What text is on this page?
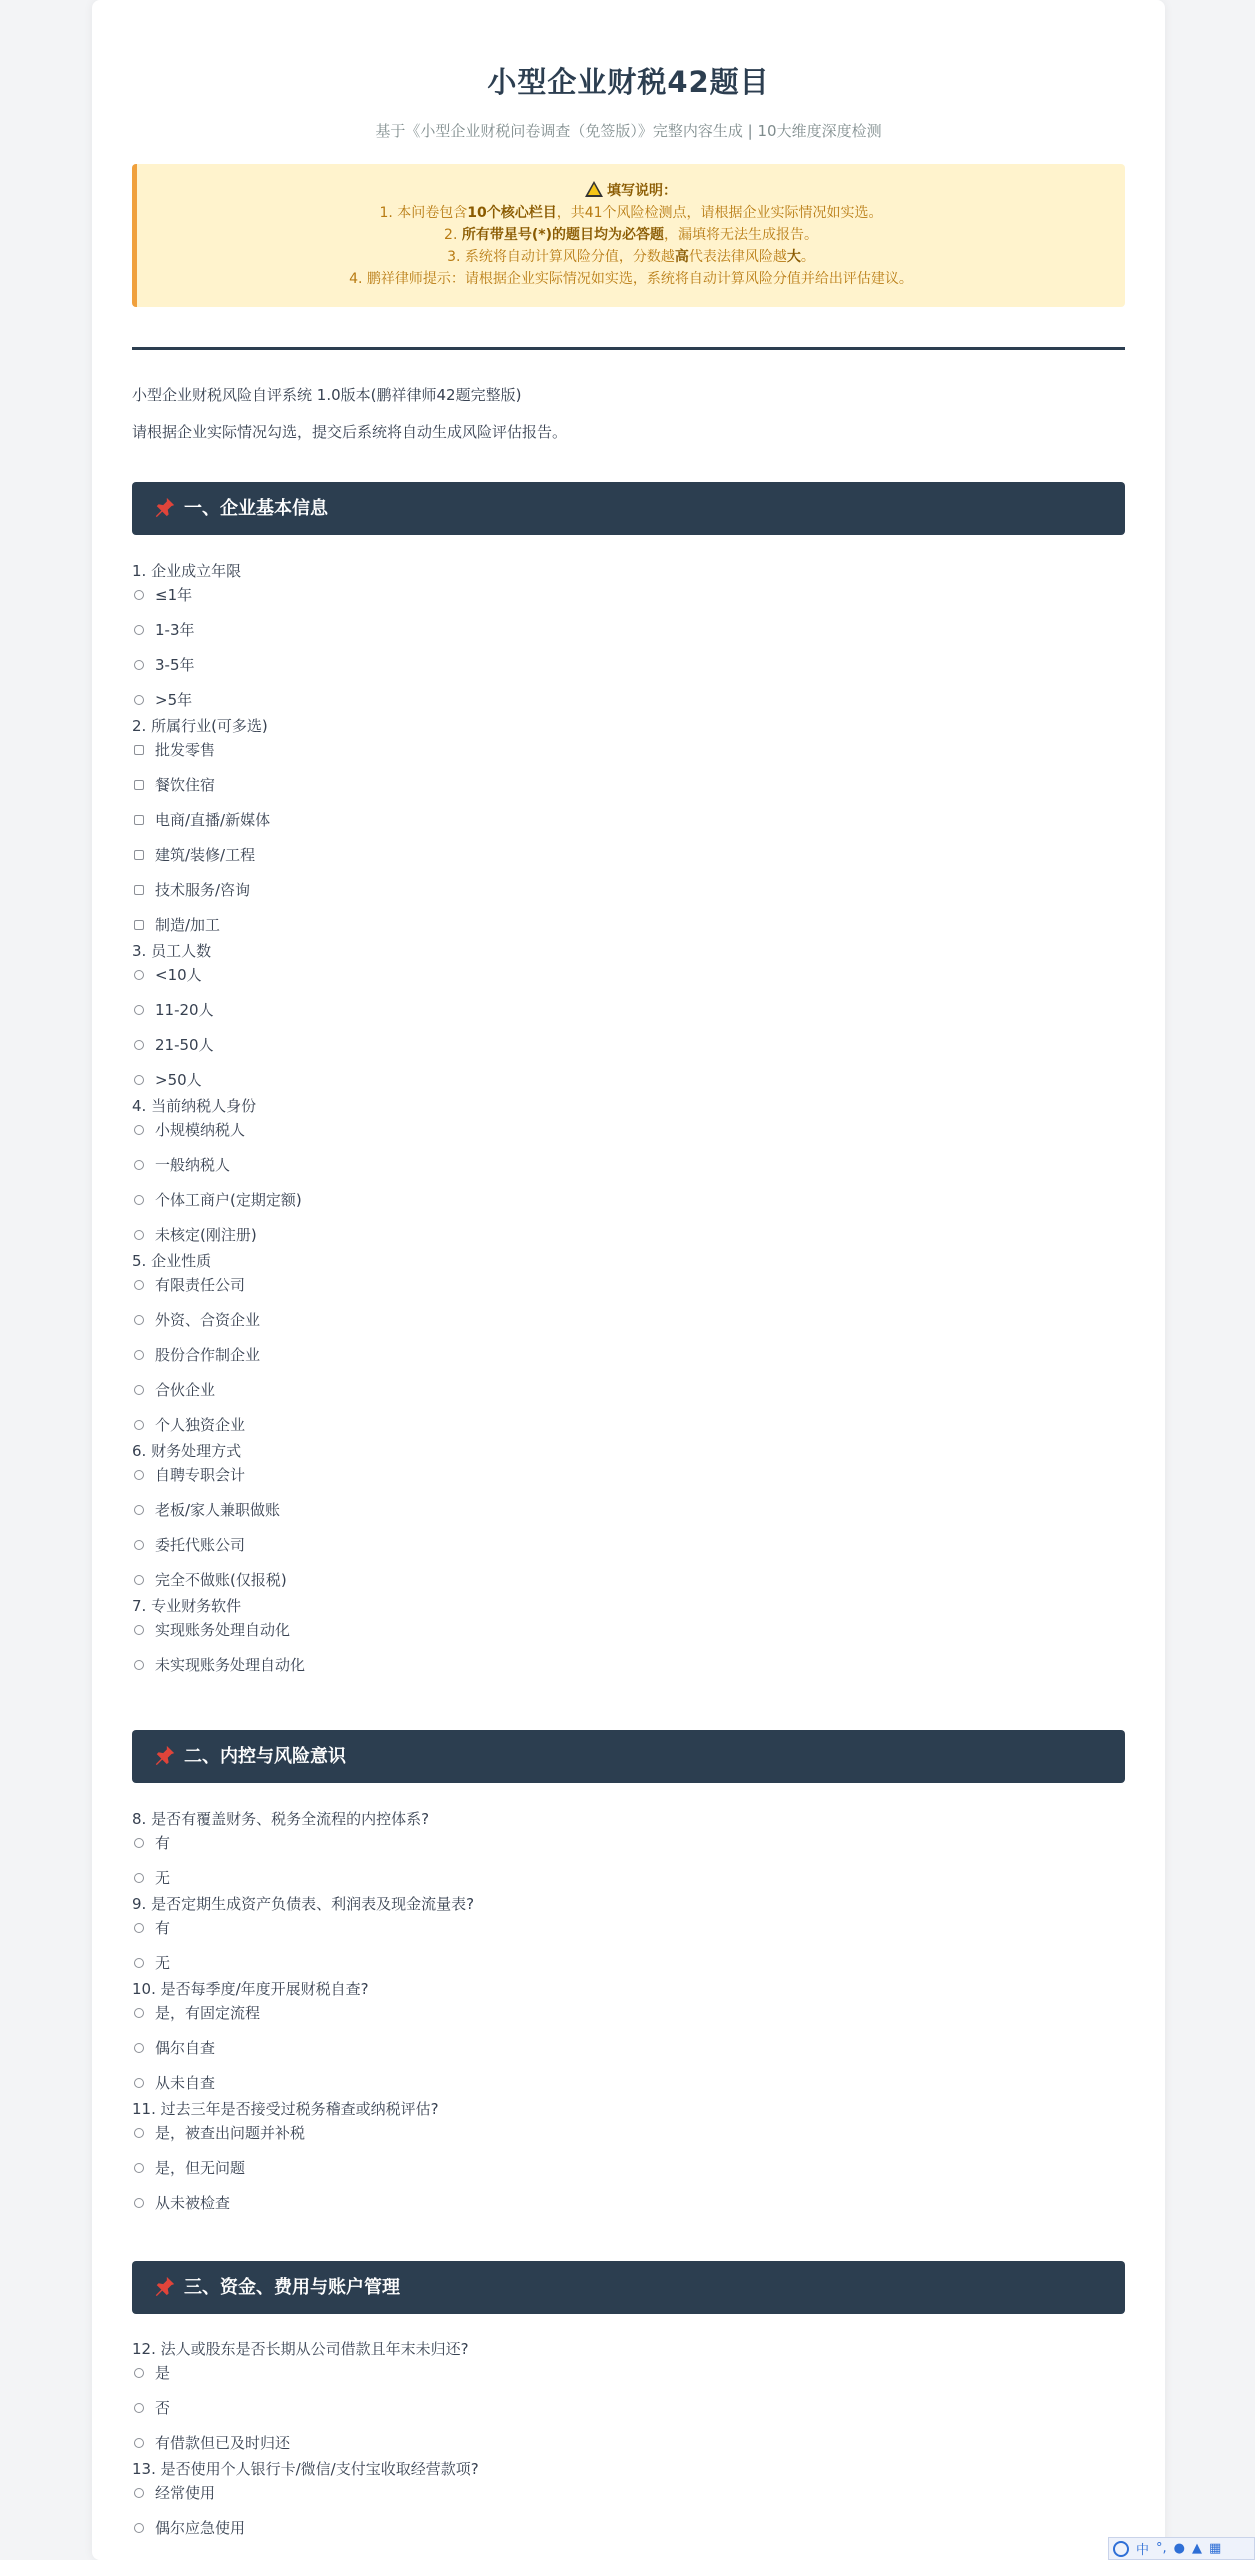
小型企业财税42题目
基于《小型企业财税问卷调查（免签版）》完整内容生成 | 10大维度深度检测
填写说明：
1. 本问卷包含10个核心栏目，共41个风险检测点，请根据企业实际情况如实选。
2. 所有带星号(*)的题目均为必答题，漏填将无法生成报告。
3. 系统将自动计算风险分值，分数越高代表法律风险越大。
4. 鹏祥律师提示：请根据企业实际情况如实选，系统将自动计算风险分值并给出评估建议。
小型企业财税风险自评系统 1.0版本(鹏祥律师42题完整版)
请根据企业实际情况勾选，提交后系统将自动生成风险评估报告。
一、企业基本信息
二、内控与风险意识
三、资金、费用与账户管理
1. 企业成立年限
≤1年
1-3年
3-5年
>5年
2. 所属行业(可多选)
批发零售
餐饮住宿
电商/直播/新媒体
建筑/装修/工程
技术服务/咨询
制造/加工
3. 员工人数
<10人
11-20人
21-50人
>50人
4. 当前纳税人身份
小规模纳税人
一般纳税人
个体工商户(定期定额)
未核定(刚注册)
5. 企业性质
有限责任公司
外资、合资企业
股份合作制企业
合伙企业
个人独资企业
6. 财务处理方式
自聘专职会计
老板/家人兼职做账
委托代账公司
完全不做账(仅报税)
7. 专业财务软件
实现账务处理自动化
未实现账务处理自动化
8. 是否有覆盖财务、税务全流程的内控体系?
有
无
9. 是否定期生成资产负债表、利润表及现金流量表?
有
无
10. 是否每季度/年度开展财税自查?
是，有固定流程
偶尔自查
从未自查
11. 过去三年是否接受过税务稽查或纳税评估?
是，被查出问题并补税
是，但无问题
从未被检查
12. 法人或股东是否长期从公司借款且年末未归还?
是
否
有借款但已及时归还
13. 是否使用个人银行卡/微信/支付宝收取经营款项?
经常使用
偶尔应急使用
中 °, ● ▲ ▦
